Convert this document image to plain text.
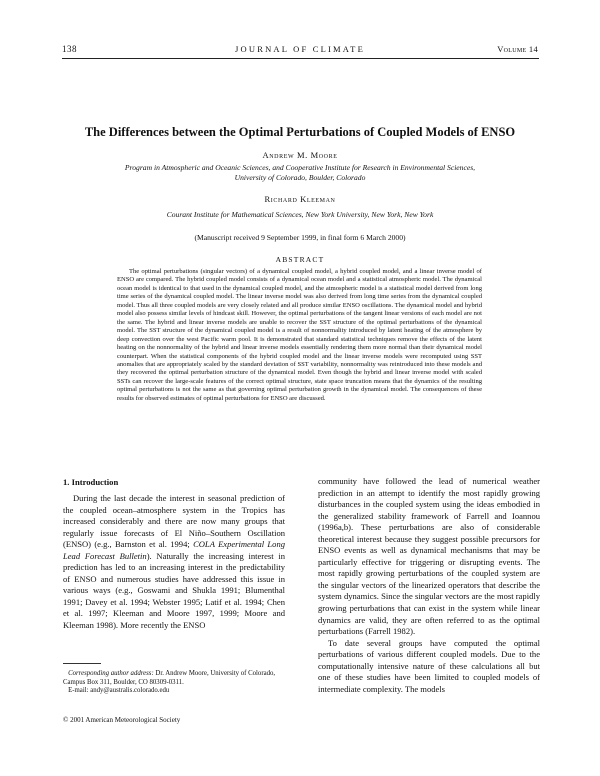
138	JOURNAL OF CLIMATE	Volume 14
The Differences between the Optimal Perturbations of Coupled Models of ENSO
Andrew M. Moore
Program in Atmospheric and Oceanic Sciences, and Cooperative Institute for Research in Environmental Sciences,
University of Colorado, Boulder, Colorado
Richard Kleeman
Courant Institute for Mathematical Sciences, New York University, New York, New York
(Manuscript received 9 September 1999, in final form 6 March 2000)
ABSTRACT

The optimal perturbations (singular vectors) of a dynamical coupled model, a hybrid coupled model, and a linear inverse model of ENSO are compared. The hybrid coupled model consists of a dynamical ocean model and a statistical atmospheric model. The dynamical ocean model is identical to that used in the dynamical coupled model, and the atmospheric model is a statistical model derived from long time series of the dynamical coupled model. The linear inverse model was also derived from long time series from the dynamical coupled model. Thus all three coupled models are very closely related and all produce similar ENSO oscillations. The dynamical model and hybrid model also possess similar levels of hindcast skill. However, the optimal perturbations of the tangent linear versions of each model are not the same. The hybrid and linear inverse models are unable to recover the SST structure of the optimal perturbations of the dynamical model. The SST structure of the dynamical coupled model is a result of nonnormality introduced by latent heating of the atmosphere by deep convection over the west Pacific warm pool. It is demonstrated that standard statistical techniques remove the effects of the latent heating on the nonnormality of the hybrid and linear inverse models essentially rendering them more normal than their dynamical model counterpart. When the statistical components of the hybrid coupled model and the linear inverse models were recomputed using SST anomalies that are appropriately scaled by the standard deviation of SST variability, nonnormality was reintroduced into these models and they recovered the optimal perturbation structure of the dynamical model. Even though the hybrid and linear inverse model with scaled SSTs can recover the large-scale features of the correct optimal structure, state space truncation means that the dynamics of the resulting optimal perturbations is not the same as that governing optimal perturbation growth in the dynamical model. The consequences of these results for observed estimates of optimal perturbations for ENSO are discussed.

1. Introduction

During the last decade the interest in seasonal prediction of the coupled ocean–atmosphere system in the Tropics has increased considerably and there are now many groups that regularly issue forecasts of El Niño–Southern Oscillation (ENSO) (e.g., Barnston et al. 1994; COLA Experimental Long Lead Forecast Bulletin). Naturally the increasing interest in prediction has led to an increasing interest in the predictability of ENSO and numerous studies have addressed this issue in various ways (e.g., Goswami and Shukla 1991; Blumenthal 1991; Davey et al. 1994; Webster 1995; Latif et al. 1994; Chen et al. 1997; Kleeman and Moore 1997, 1999; Moore and Kleeman 1998). More recently the ENSO

community have followed the lead of numerical weather prediction in an attempt to identify the most rapidly growing disturbances in the coupled system using the ideas embodied in the generalized stability framework of Farrell and Ioannou (1996a,b). These perturbations are also of considerable theoretical interest because they suggest possible precursors for ENSO events as well as dynamical mechanisms that may be particularly effective for triggering or disrupting events. The most rapidly growing perturbations of the coupled system are the singular vectors of the linearized operators that describe the system dynamics. Since the singular vectors are the most rapidly growing perturbations that can exist in the system while linear dynamics are valid, they are often referred to as the optimal perturbations (Farrell 1982).
To date several groups have computed the optimal perturbations of various different coupled models. Due to the computationally intensive nature of these calculations all but one of these studies have been limited to coupled models of intermediate complexity. The models

Corresponding author address: Dr. Andrew Moore, University of Colorado, Campus Box 311, Boulder, CO 80309-0311.
E-mail: andy@australis.colorado.edu

© 2001 American Meteorological Society
